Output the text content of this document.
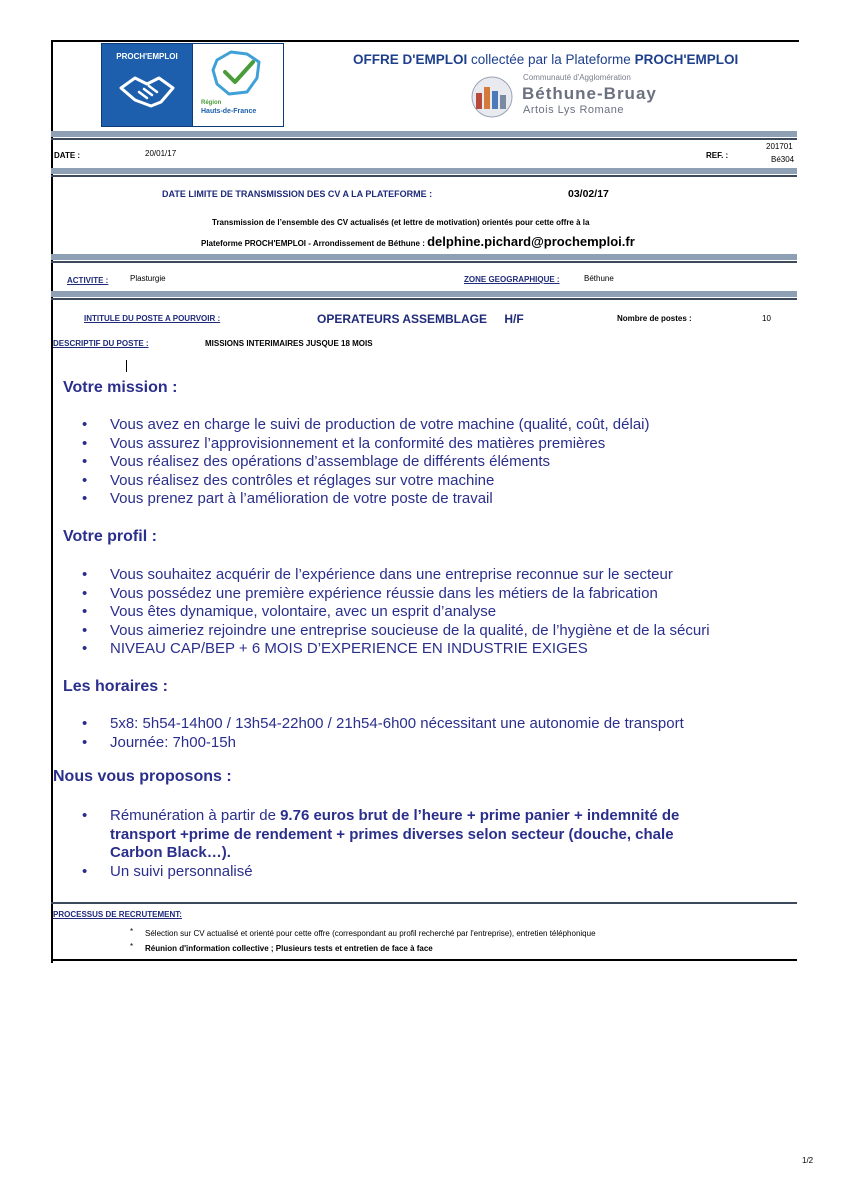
PROCH'EMPLOI
Région
Hauts-de-France
OFFRE D'EMPLOI collectée par la Plateforme PROCH'EMPLOI
Communauté d'Agglomération
Béthune-Bruay
Artois Lys Romane
DATE :	20/01/17	REF. :
201701
Bé304
DATE LIMITE DE TRANSMISSION DES CV A LA PLATEFORME :	03/02/17
Transmission de l’ensemble des CV actualisés (et lettre de motivation) orientés pour cette offre à la
Plateforme PROCH'EMPLOI - Arrondissement de Béthune : delphine.pichard@prochemploi.fr
ACTIVITE :	Plasturgie	ZONE GEOGRAPHIQUE :	Béthune
INTITULE DU POSTE A POURVOIR :	OPERATEURS ASSEMBLAGE H/F	Nombre de postes :	10
DESCRIPTIF DU POSTE :	MISSIONS INTERIMAIRES JUSQUE 18 MOIS
Votre mission :
• Vous avez en charge le suivi de production de votre machine (qualité, coût, délai)
• Vous assurez l’approvisionnement et la conformité des matières premières
• Vous réalisez des opérations d’assemblage de différents éléments
• Vous réalisez des contrôles et réglages sur votre machine
• Vous prenez part à l’amélioration de votre poste de travail
Votre profil :
• Vous souhaitez acquérir de l’expérience dans une entreprise reconnue sur le secteur
• Vous possédez une première expérience réussie dans les métiers de la fabrication
• Vous êtes dynamique, volontaire, avec un esprit d’analyse
• Vous aimeriez rejoindre une entreprise soucieuse de la qualité, de l’hygiène et de la sécuri
• NIVEAU CAP/BEP + 6 MOIS D’EXPERIENCE EN INDUSTRIE EXIGES
Les horaires :
• 5x8: 5h54-14h00 / 13h54-22h00 / 21h54-6h00 nécessitant une autonomie de transport
• Journée: 7h00-15h
Nous vous proposons :
• Rémunération à partir de 9.76 euros brut de l’heure + prime panier + indemnité de
transport +prime de rendement + primes diverses selon secteur (douche, chale
Carbon Black…).
• Un suivi personnalisé
PROCESSUS DE RECRUTEMENT:
* Sélection sur CV actualisé et orienté pour cette offre (correspondant au profil recherché par l'entreprise), entretien téléphonique
* Réunion d'information collective ; Plusieurs tests et entretien de face à face
1/2
